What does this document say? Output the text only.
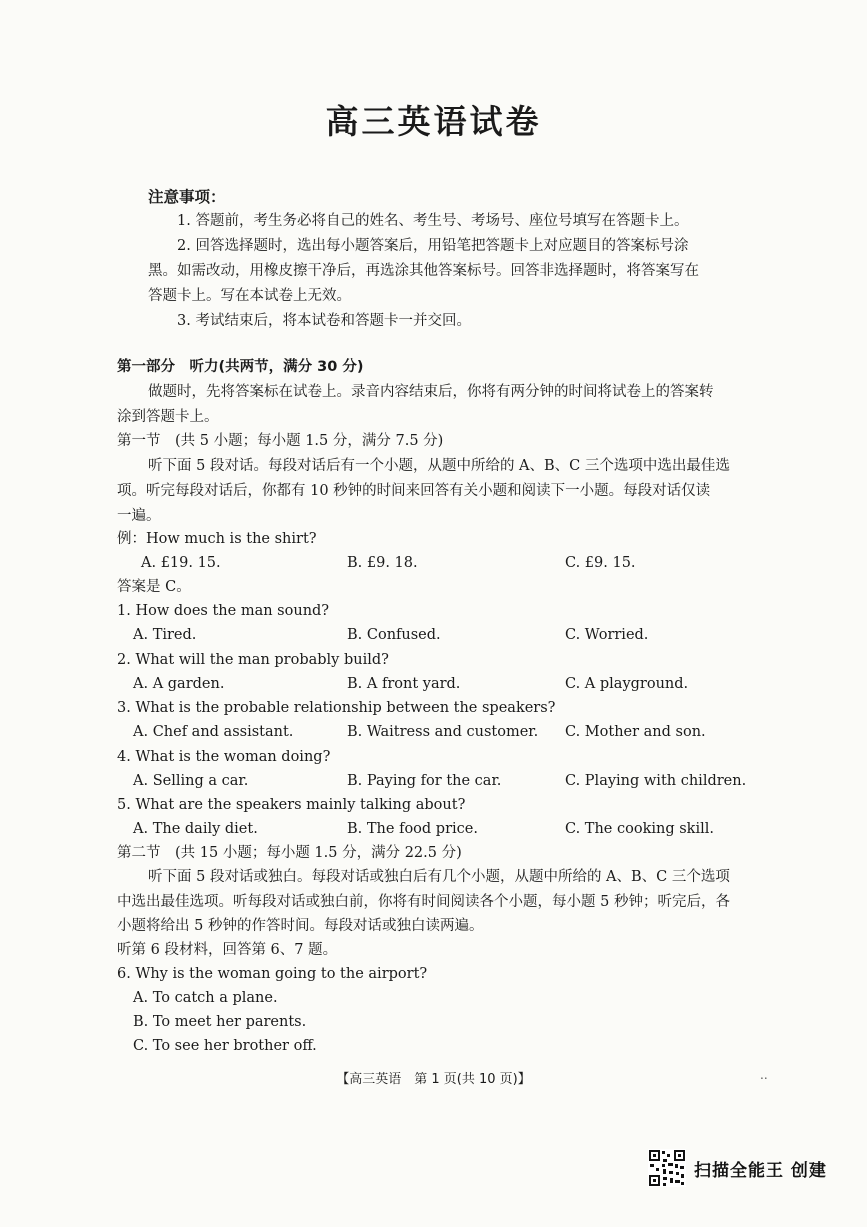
高三英语试卷
注意事项：
1. 答题前，考生务必将自己的姓名、考生号、考场号、座位号填写在答题卡上。
2. 回答选择题时，选出每小题答案后，用铅笔把答题卡上对应题目的答案标号涂
黑。如需改动，用橡皮擦干净后，再选涂其他答案标号。回答非选择题时，将答案写在
答题卡上。写在本试卷上无效。
3. 考试结束后，将本试卷和答题卡一并交回。
第一部分　听力(共两节，满分 30 分)
做题时，先将答案标在试卷上。录音内容结束后，你将有两分钟的时间将试卷上的答案转
涂到答题卡上。
第一节　(共 5 小题；每小题 1.5 分，满分 7.5 分)
听下面 5 段对话。每段对话后有一个小题，从题中所给的 A、B、C 三个选项中选出最佳选
项。听完每段对话后，你都有 10 秒钟的时间来回答有关小题和阅读下一小题。每段对话仅读
一遍。
例：How much is the shirt?
A. £19. 15.	B. £9. 18.	C. £9. 15.
答案是 C。
1. How does the man sound?
A. Tired.	B. Confused.	C. Worried.
2. What will the man probably build?
A. A garden.	B. A front yard.	C. A playground.
3. What is the probable relationship between the speakers?
A. Chef and assistant.	B. Waitress and customer. C. Mother and son.
4. What is the woman doing?
A. Selling a car.	B. Paying for the car.	C. Playing with children.
5. What are the speakers mainly talking about?
A. The daily diet.	B. The food price.	C. The cooking skill.
第二节　(共 15 小题；每小题 1.5 分，满分 22.5 分)
听下面 5 段对话或独白。每段对话或独白后有几个小题，从题中所给的 A、B、C 三个选项
中选出最佳选项。听每段对话或独白前，你将有时间阅读各个小题，每小题 5 秒钟；听完后，各
小题将给出 5 秒钟的作答时间。每段对话或独白读两遍。
听第 6 段材料，回答第 6、7 题。
6. Why is the woman going to the airport?
A. To catch a plane.
B. To meet her parents.
C. To see her brother off.
【高三英语　第 1 页(共 10 页)】	..
扫描全能王 创建
